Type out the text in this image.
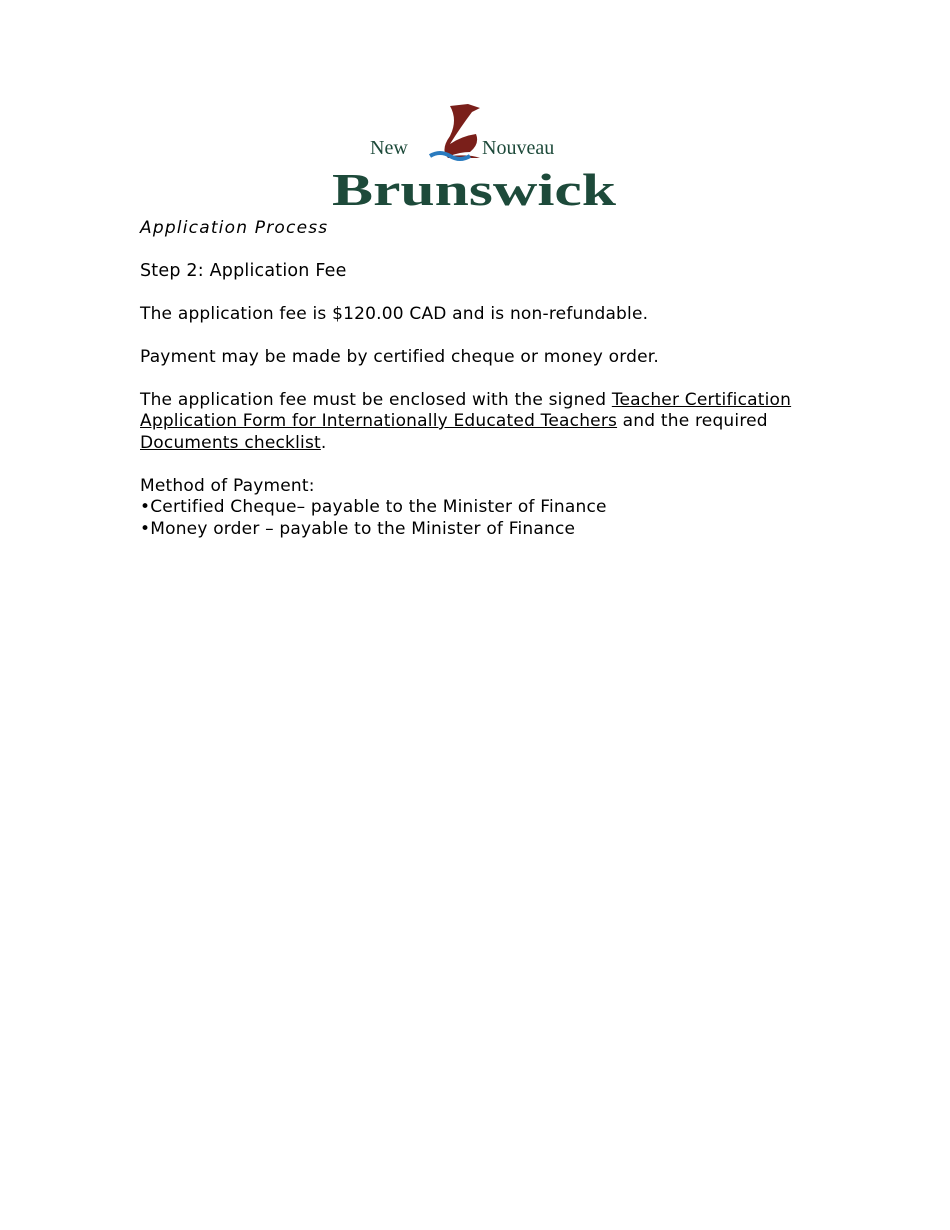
New	Nouveau
Brunswick

Application Process

Step 2: Application Fee

The application fee is $120.00 CAD and is non-refundable.

Payment may be made by certified cheque or money order.

The application fee must be enclosed with the signed Teacher Certification Application Form for Internationally Educated Teachers and the required Documents checklist.

Method of Payment:

•Certified Cheque– payable to the Minister of Finance

•Money order – payable to the Minister of Finance
